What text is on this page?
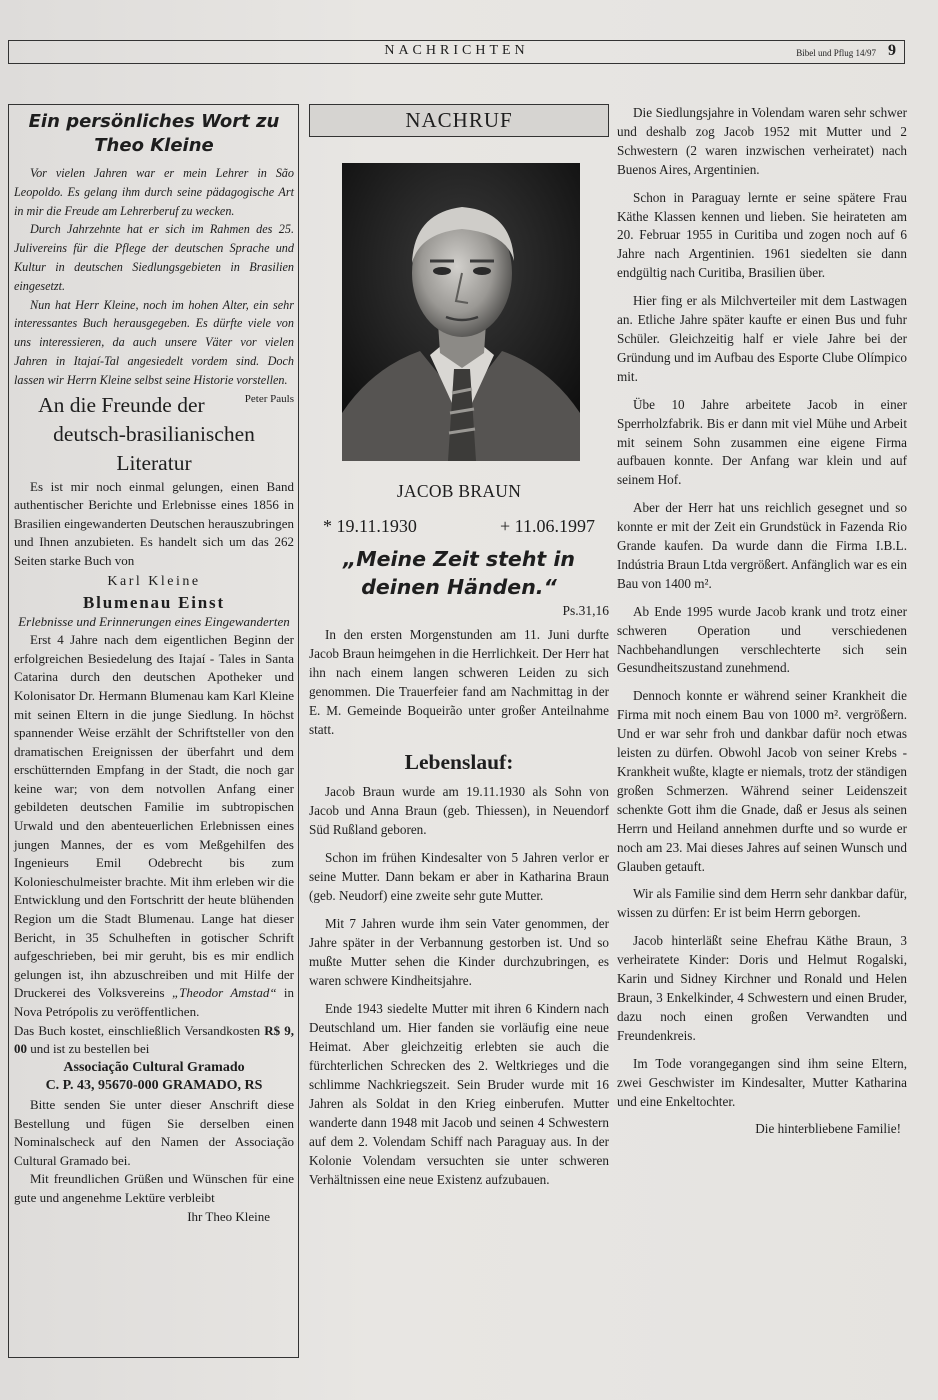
NACHRICHTEN	Bibel und Pflug 14/97 9
Ein persönliches Wort zu Theo Kleine

Vor vielen Jahren war er mein Lehrer in São Leopoldo. Es gelang ihm durch seine pädagogische Art in mir die Freude am Lehrerberuf zu wecken.

Durch Jahrzehnte hat er sich im Rahmen des 25. Julivereins für die Pflege der deutschen Sprache und Kultur in deutschen Siedlungsgebieten in Brasilien eingesetzt.

Nun hat Herr Kleine, noch im hohen Alter, ein sehr interessantes Buch herausgegeben. Es dürfte viele von uns interessieren, da auch unsere Väter vor vielen Jahren in Itajaí-Tal angesiedelt vordem sind. Doch lassen wir Herrn Kleine selbst seine Historie vorstellen.
Peter Pauls

An die Freunde der deutsch-brasilianischen Literatur

Es ist mir noch einmal gelungen, einen Band authentischer Berichte und Erlebnisse eines 1856 in Brasilien eingewanderten Deutschen herauszubringen und Ihnen anzubieten. Es handelt sich um das 262 Seiten starke Buch von

Karl Kleine

Blumenau Einst

Erlebnisse und Erinnerungen eines Eingewanderten

Erst 4 Jahre nach dem eigentlichen Beginn der erfolgreichen Besiedelung des Itajaí - Tales in Santa Catarina durch den deutschen Apotheker und Kolonisator Dr. Hermann Blumenau kam Karl Kleine mit seinen Eltern in die junge Siedlung. In höchst spannender Weise erzählt der Schriftsteller von den dramatischen Ereignissen der überfahrt und dem erschütternden Empfang in der Stadt, die noch gar keine war; von dem notvollen Anfang einer gebildeten deutschen Familie im subtropischen Urwald und den abenteuerlichen Erlebnissen eines jungen Mannes, der es vom Meßgehilfen des Ingenieurs Emil Odebrecht bis zum Kolonieschulmeister brachte. Mit ihm erleben wir die Entwicklung und den Fortschritt der heute blühenden Region um die Stadt Blumenau. Lange hat dieser Bericht, in 35 Schulheften in gotischer Schrift aufgeschrieben, bei mir geruht, bis es mir endlich gelungen ist, ihn abzuschreiben und mit Hilfe der Druckerei des Volksvereins „Theodor Amstad“ in Nova Petrópolis zu veröffentlichen.

Das Buch kostet, einschließlich Versandkosten R$ 9, 00 und ist zu bestellen bei

Associação Cultural Gramado

C. P. 43, 95670-000 GRAMADO, RS

Bitte senden Sie unter dieser Anschrift diese Bestellung und fügen Sie derselben einen Nominalscheck auf den Namen der Associação Cultural Gramado bei.

Mit freundlichen Grüßen und Wünschen für eine gute und angenehme Lektüre verbleibt

Ihr Theo Kleine

NACHRUF
JACOB BRAUN
* 19.11.1930	+ 11.06.1997
„Meine Zeit steht in deinen Händen.“
Ps.31,16

In den ersten Morgenstunden am 11. Juni durfte Jacob Braun heimgehen in die Herrlichkeit. Der Herr hat ihn nach einem langen schweren Leiden zu sich genommen. Die Trauerfeier fand am Nachmittag in der E. M. Gemeinde Boqueirão unter großer Anteilnahme statt.

Lebenslauf:

Jacob Braun wurde am 19.11.1930 als Sohn von Jacob und Anna Braun (geb. Thiessen), in Neuendorf Süd Rußland geboren.

Schon im frühen Kindesalter von 5 Jahren verlor er seine Mutter. Dann bekam er aber in Katharina Braun (geb. Neudorf) eine zweite sehr gute Mutter.

Mit 7 Jahren wurde ihm sein Vater genommen, der Jahre später in der Verbannung gestorben ist. Und so mußte Mutter sehen die Kinder durchzubringen, es waren schwere Kindheitsjahre.

Ende 1943 siedelte Mutter mit ihren 6 Kindern nach Deutschland um. Hier fanden sie vorläufig eine neue Heimat. Aber gleichzeitig erlebten sie auch die fürchterlichen Schrecken des 2. Weltkrieges und die schlimme Nachkriegszeit. Sein Bruder wurde mit 16 Jahren als Soldat in den Krieg einberufen. Mutter wanderte dann 1948 mit Jacob und seinen 4 Schwestern auf dem 2. Volendam Schiff nach Paraguay aus. In der Kolonie Volendam versuchten sie unter schweren Verhältnissen eine neue Existenz aufzubauen.

Die Siedlungsjahre in Volendam waren sehr schwer und deshalb zog Jacob 1952 mit Mutter und 2 Schwestern (2 waren inzwischen verheiratet) nach Buenos Aires, Argentinien.

Schon in Paraguay lernte er seine spätere Frau Käthe Klassen kennen und lieben. Sie heirateten am 20. Februar 1955 in Curitiba und zogen noch auf 6 Jahre nach Argentinien. 1961 siedelten sie dann endgültig nach Curitiba, Brasilien über.

Hier fing er als Milchverteiler mit dem Lastwagen an. Etliche Jahre später kaufte er einen Bus und fuhr Schüler. Gleichzeitig half er viele Jahre bei der Gründung und im Aufbau des Esporte Clube Olímpico mit.

Übe 10 Jahre arbeitete Jacob in einer Sperrholzfabrik. Bis er dann mit viel Mühe und Arbeit mit seinem Sohn zusammen eine eigene Firma aufbauen konnte. Der Anfang war klein und auf seinem Hof.

Aber der Herr hat uns reichlich gesegnet und so konnte er mit der Zeit ein Grundstück in Fazenda Rio Grande kaufen. Da wurde dann die Firma I.B.L. Indústria Braun Ltda vergrößert. Anfänglich war es ein Bau von 1400 m².

Ab Ende 1995 wurde Jacob krank und trotz einer schweren Operation und verschiedenen Nachbehandlungen verschlechterte sich sein Gesundheitszustand zunehmend.

Dennoch konnte er während seiner Krankheit die Firma mit noch einem Bau von 1000 m². vergrößern. Und er war sehr froh und dankbar dafür noch etwas leisten zu dürfen. Obwohl Jacob von seiner Krebs - Krankheit wußte, klagte er niemals, trotz der ständigen großen Schmerzen. Während seiner Leidenszeit schenkte Gott ihm die Gnade, daß er Jesus als seinen Herrn und Heiland annehmen durfte und so wurde er noch am 23. Mai dieses Jahres auf seinen Wunsch und Glauben getauft.

Wir als Familie sind dem Herrn sehr dankbar dafür, wissen zu dürfen: Er ist beim Herrn geborgen.

Jacob hinterläßt seine Ehefrau Käthe Braun, 3 verheiratete Kinder: Doris und Helmut Rogalski, Karin und Sidney Kirchner und Ronald und Helen Braun, 3 Enkelkinder, 4 Schwestern und einen Bruder, dazu noch einen großen Verwandten und Freundenkreis.

Im Tode vorangegangen sind ihm seine Eltern, zwei Geschwister im Kindesalter, Mutter Katharina und eine Enkeltochter.

Die hinterbliebene Familie!
